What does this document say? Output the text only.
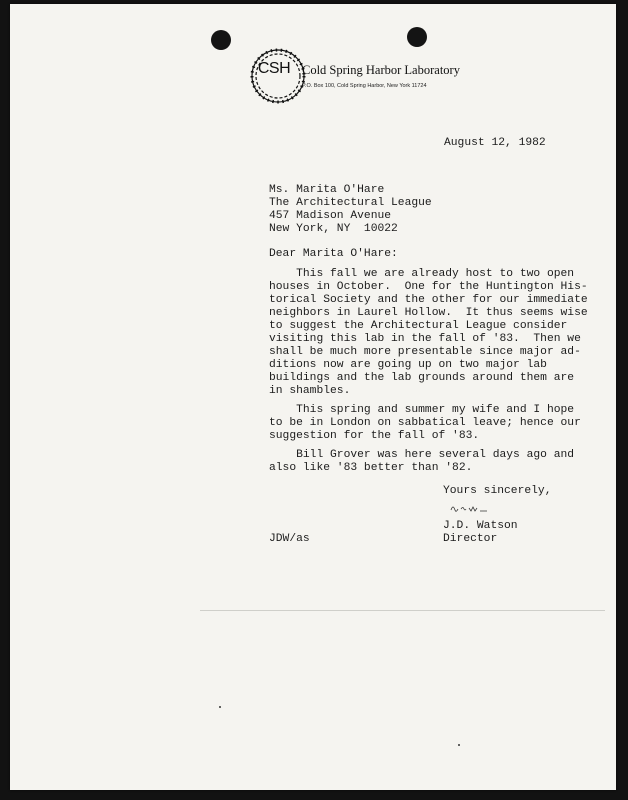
CSH Cold Spring Harbor Laboratory
P.O. Box 100, Cold Spring Harbor, New York 11724
August 12, 1982
Ms. Marita O'Hare
The Architectural League
457 Madison Avenue
New York, NY  10022
Dear Marita O'Hare:
This fall we are already host to two open
houses in October.  One for the Huntington His-
torical Society and the other for our immediate
neighbors in Laurel Hollow.  It thus seems wise
to suggest the Architectural League consider
visiting this lab in the fall of '83.  Then we
shall be much more presentable since major ad-
ditions now are going up on two major lab
buildings and the lab grounds around them are
in shambles.
This spring and summer my wife and I hope
to be in London on sabbatical leave; hence our
suggestion for the fall of '83.
Bill Grover was here several days ago and
also like '83 better than '82.
Yours sincerely,
J.D. Watson
Director
JDW/as
